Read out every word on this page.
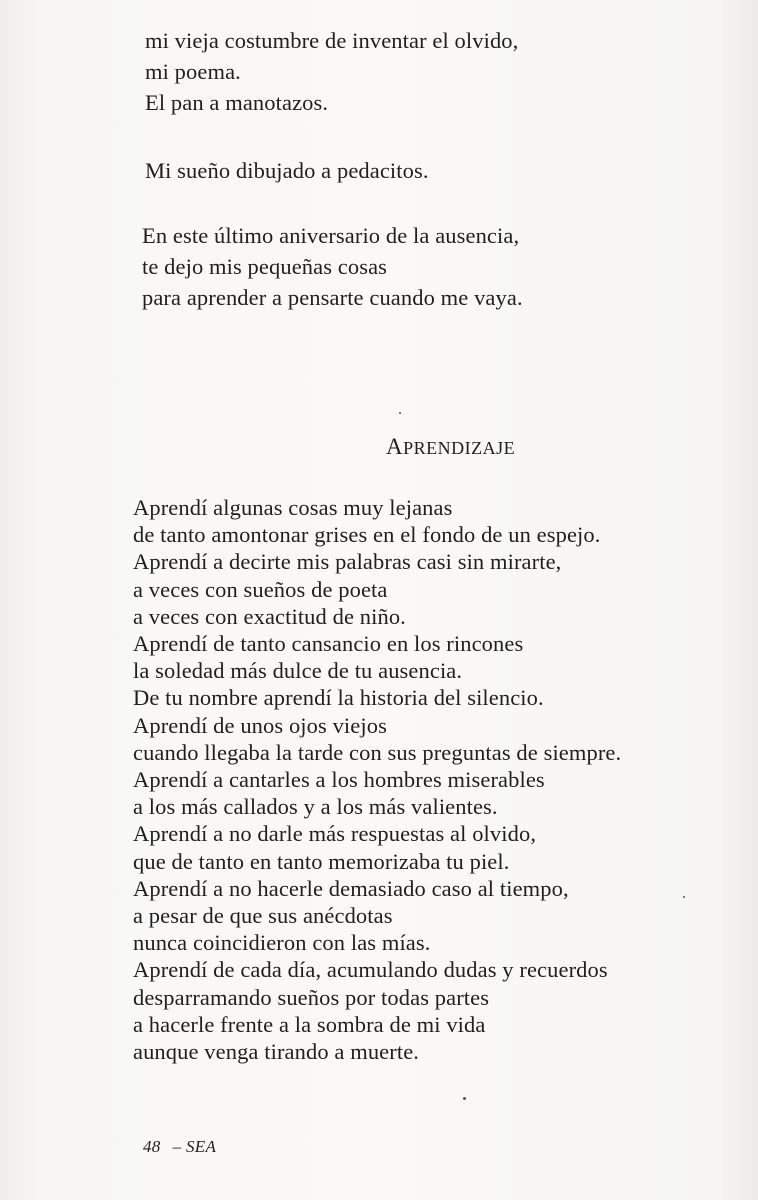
mi vieja costumbre de inventar el olvido,
mi poema.
El pan a manotazos.
Mi sueño dibujado a pedacitos.
En este último aniversario de la ausencia,
te dejo mis pequeñas cosas
para aprender a pensarte cuando me vaya.
APRENDIZAJE
Aprendí algunas cosas muy lejanas
de tanto amontonar grises en el fondo de un espejo.
Aprendí a decirte mis palabras casi sin mirarte,
a veces con sueños de poeta
a veces con exactitud de niño.
Aprendí de tanto cansancio en los rincones
la soledad más dulce de tu ausencia.
De tu nombre aprendí la historia del silencio.
Aprendí de unos ojos viejos
cuando llegaba la tarde con sus preguntas de siempre.
Aprendí a cantarles a los hombres miserables
a los más callados y a los más valientes.
Aprendí a no darle más respuestas al olvido,
que de tanto en tanto memorizaba tu piel.
Aprendí a no hacerle demasiado caso al tiempo,
a pesar de que sus anécdotas
nunca coincidieron con las mías.
Aprendí de cada día, acumulando dudas y recuerdos
desparramando sueños por todas partes
a hacerle frente a la sombra de mi vida
aunque venga tirando a muerte.
48 – SEA
